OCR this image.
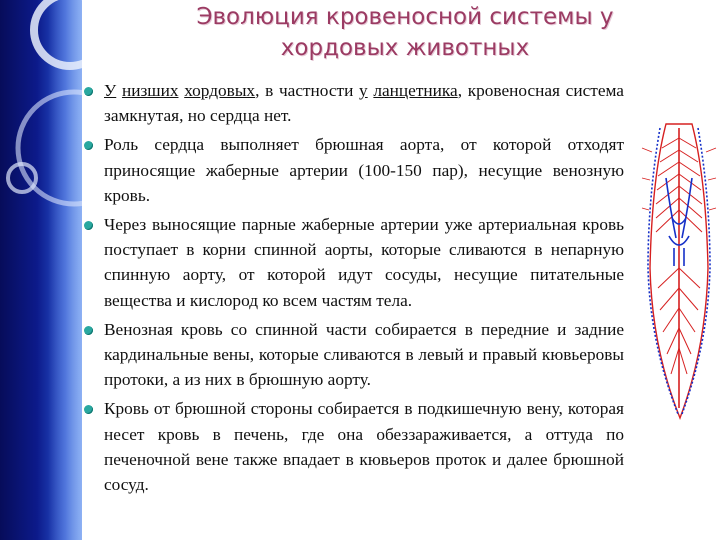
Эволюция кровеносной системы у хордовых животных
У низших хордовых, в частности у ланцетника, кровеносная система замкнутая, но сердца нет.
Роль сердца выполняет брюшная аорта, от которой отходят приносящие жаберные артерии (100-150 пар), несущие венозную кровь.
Через выносящие парные жаберные артерии уже артериальная кровь поступает в корни спинной аорты, которые сливаются в непарную спинную аорту, от которой идут сосуды, несущие питательные вещества и кислород ко всем частям тела.
Венозная кровь со спинной части собирается в передние и задние кардинальные вены, которые сливаются в левый и правый кювьеровы протоки, а из них в брюшную аорту.
Кровь от брюшной стороны собирается в подкишечную вену, которая несет кровь в печень, где она обеззараживается, а оттуда по печеночной вене также впадает в кювьеров проток и далее брюшной сосуд.
